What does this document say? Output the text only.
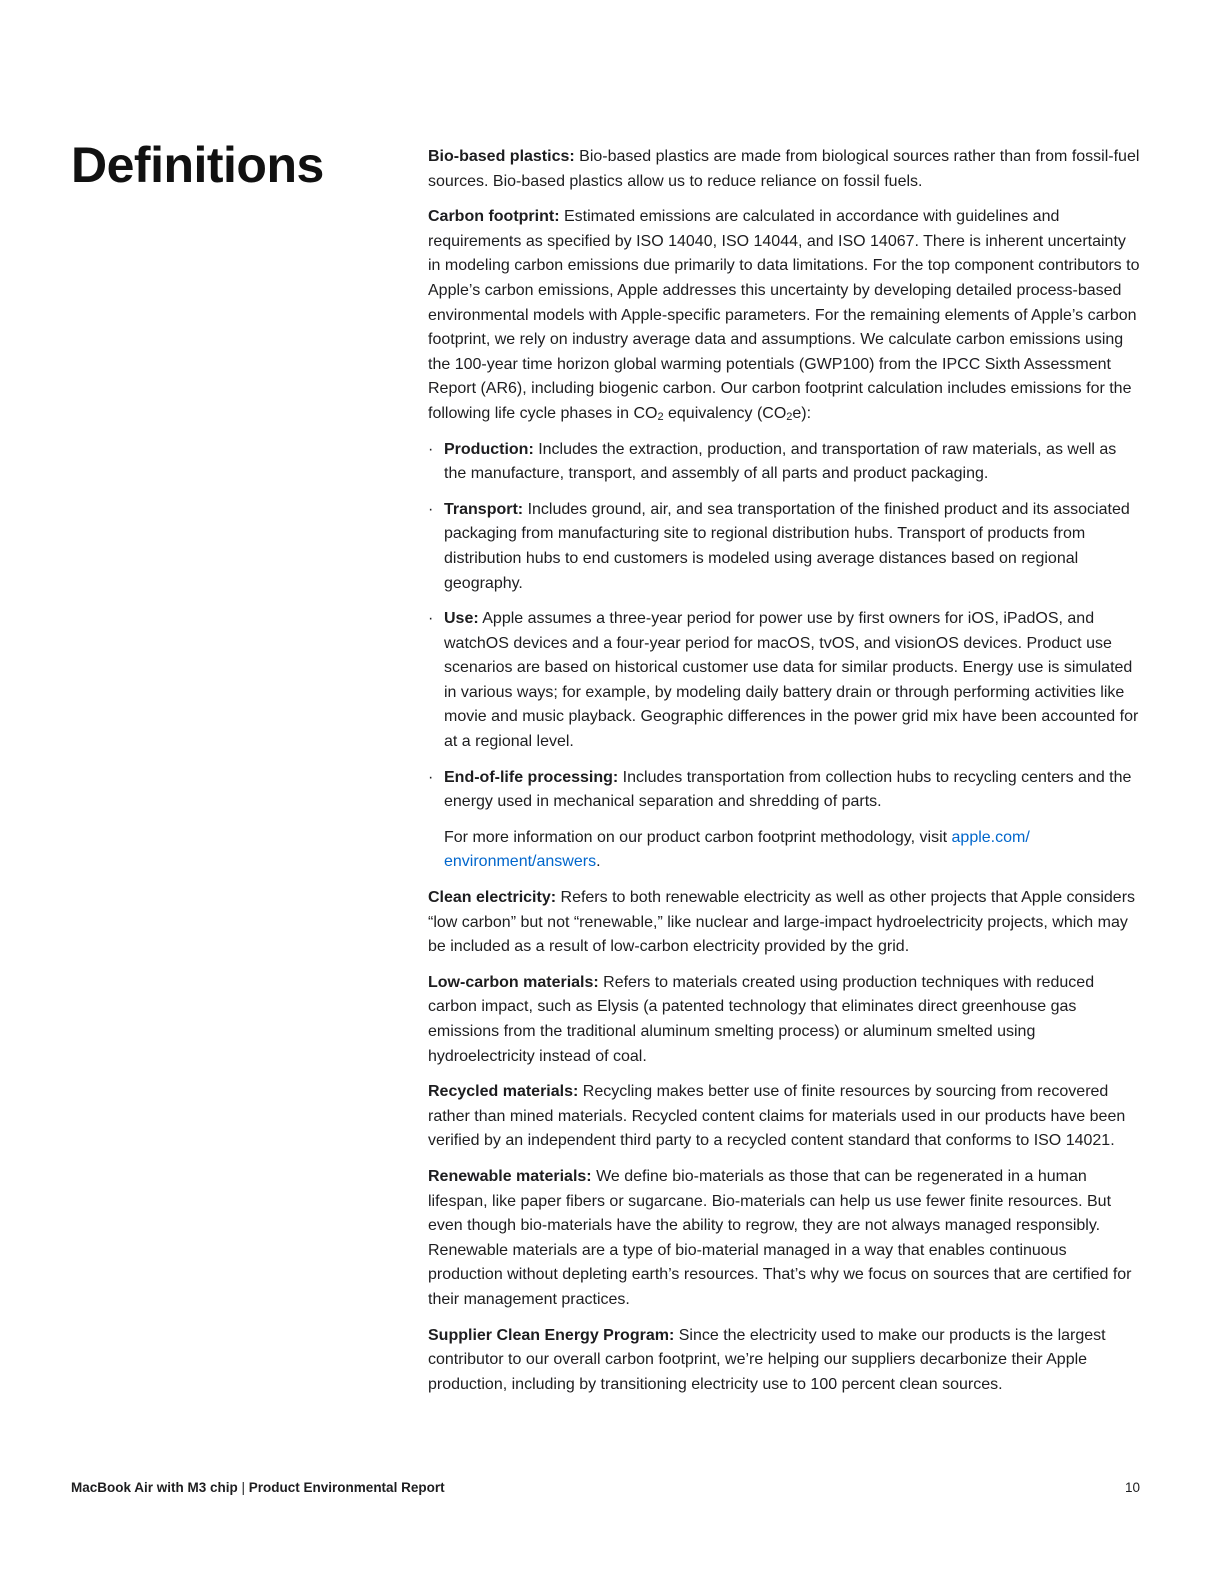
Definitions	Bio-based plastics: Bio-based plastics are made from biological sources rather than from fossil-fuel sources. Bio-based plastics allow us to reduce reliance on fossil fuels.

Carbon footprint: Estimated emissions are calculated in accordance with guidelines and requirements as specified by ISO 14040, ISO 14044, and ISO 14067. There is inherent uncertainty in modeling carbon emissions due primarily to data limitations. For the top component contributors to Apple’s carbon emissions, Apple addresses this uncertainty by developing detailed process-based environmental models with Apple-specific parameters. For the remaining elements of Apple’s carbon footprint, we rely on industry average data and assumptions. We calculate carbon emissions using the 100-year time horizon global warming potentials (GWP100) from the IPCC Sixth Assessment Report (AR6), including biogenic carbon. Our carbon footprint calculation includes emissions for the following life cycle phases in $CO_2$ equivalency $(CO_2e)$:

· Production: Includes the extraction, production, and transportation of raw materials, as well as the manufacture, transport, and assembly of all parts and product packaging.
· Transport: Includes ground, air, and sea transportation of the finished product and its associated packaging from manufacturing site to regional distribution hubs. Transport of products from distribution hubs to end customers is modeled using average distances based on regional geography.
· Use: Apple assumes a three-year period for power use by first owners for iOS, iPadOS, and watchOS devices and a four-year period for macOS, tvOS, and visionOS devices. Product use scenarios are based on historical customer use data for similar products. Energy use is simulated in various ways; for example, by modeling daily battery drain or through performing activities like movie and music playback. Geographic differences in the power grid mix have been accounted for at a regional level.
· End-of-life processing: Includes transportation from collection hubs to recycling centers and the energy used in mechanical separation and shredding of parts.

For more information on our product carbon footprint methodology, visit apple.com/ environment/answers.

Clean electricity: Refers to both renewable electricity as well as other projects that Apple considers “low carbon” but not “renewable,” like nuclear and large-impact hydroelectricity projects, which may be included as a result of low-carbon electricity provided by the grid.

Low-carbon materials: Refers to materials created using production techniques with reduced carbon impact, such as Elysis (a patented technology that eliminates direct greenhouse gas emissions from the traditional aluminum smelting process) or aluminum smelted using hydroelectricity instead of coal.

Recycled materials: Recycling makes better use of finite resources by sourcing from recovered rather than mined materials. Recycled content claims for materials used in our products have been verified by an independent third party to a recycled content standard that conforms to ISO 14021.

Renewable materials: We define bio-materials as those that can be regenerated in a human lifespan, like paper fibers or sugarcane. Bio-materials can help us use fewer finite resources. But even though bio-materials have the ability to regrow, they are not always managed responsibly. Renewable materials are a type of bio-material managed in a way that enables continuous production without depleting earth’s resources. That’s why we focus on sources that are certified for their management practices.

Supplier Clean Energy Program: Since the electricity used to make our products is the largest contributor to our overall carbon footprint, we’re helping our suppliers decarbonize their Apple production, including by transitioning electricity use to 100 percent clean sources.

MacBook Air with M3 chip | Product Environmental Report	10
